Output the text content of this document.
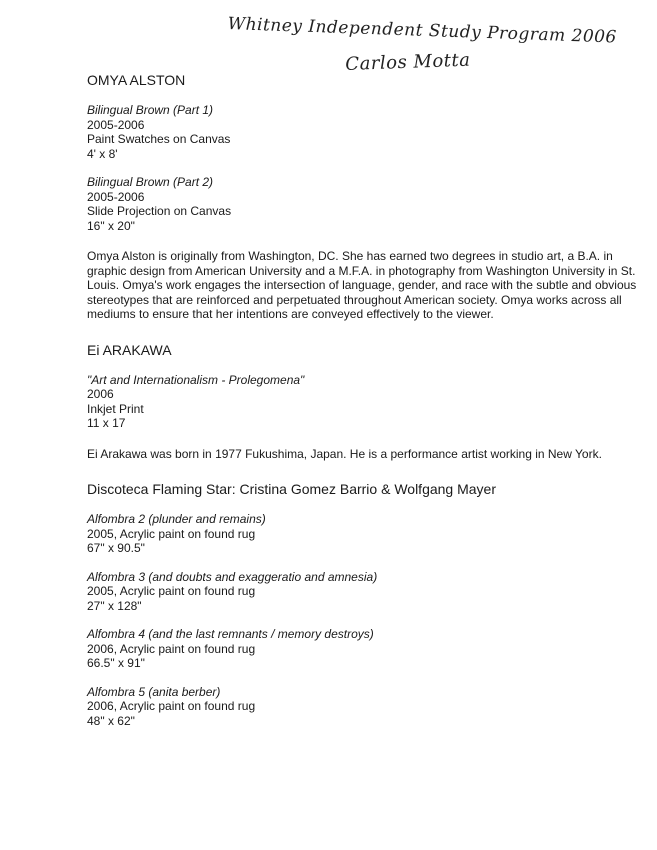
Whitney Independent Study Program 2006
Carlos Motta
OMYA ALSTON
Bilingual Brown (Part 1)
2005-2006
Paint Swatches on Canvas
4' x 8'
Bilingual Brown (Part 2)
2005-2006
Slide Projection on Canvas
16" x 20"
Omya Alston is originally from Washington, DC. She has earned two degrees in studio art, a B.A. in
graphic design from American University and a M.F.A. in photography from Washington University in St.
Louis. Omya's work engages the intersection of language, gender, and race with the subtle and obvious
stereotypes that are reinforced and perpetuated throughout American society. Omya works across all
mediums to ensure that her intentions are conveyed effectively to the viewer.
Ei ARAKAWA
"Art and Internationalism - Prolegomena"
2006
Inkjet Print
11 x 17
Ei Arakawa was born in 1977 Fukushima, Japan. He is a performance artist working in New York.
Discoteca Flaming Star: Cristina Gomez Barrio & Wolfgang Mayer
Alfombra 2 (plunder and remains)
2005, Acrylic paint on found rug
67" x 90.5"
Alfombra 3 (and doubts and exaggeratio and amnesia)
2005, Acrylic paint on found rug
27" x 128"
Alfombra 4 (and the last remnants / memory destroys)
2006, Acrylic paint on found rug
66.5" x 91"
Alfombra 5 (anita berber)
2006, Acrylic paint on found rug
48" x 62"
